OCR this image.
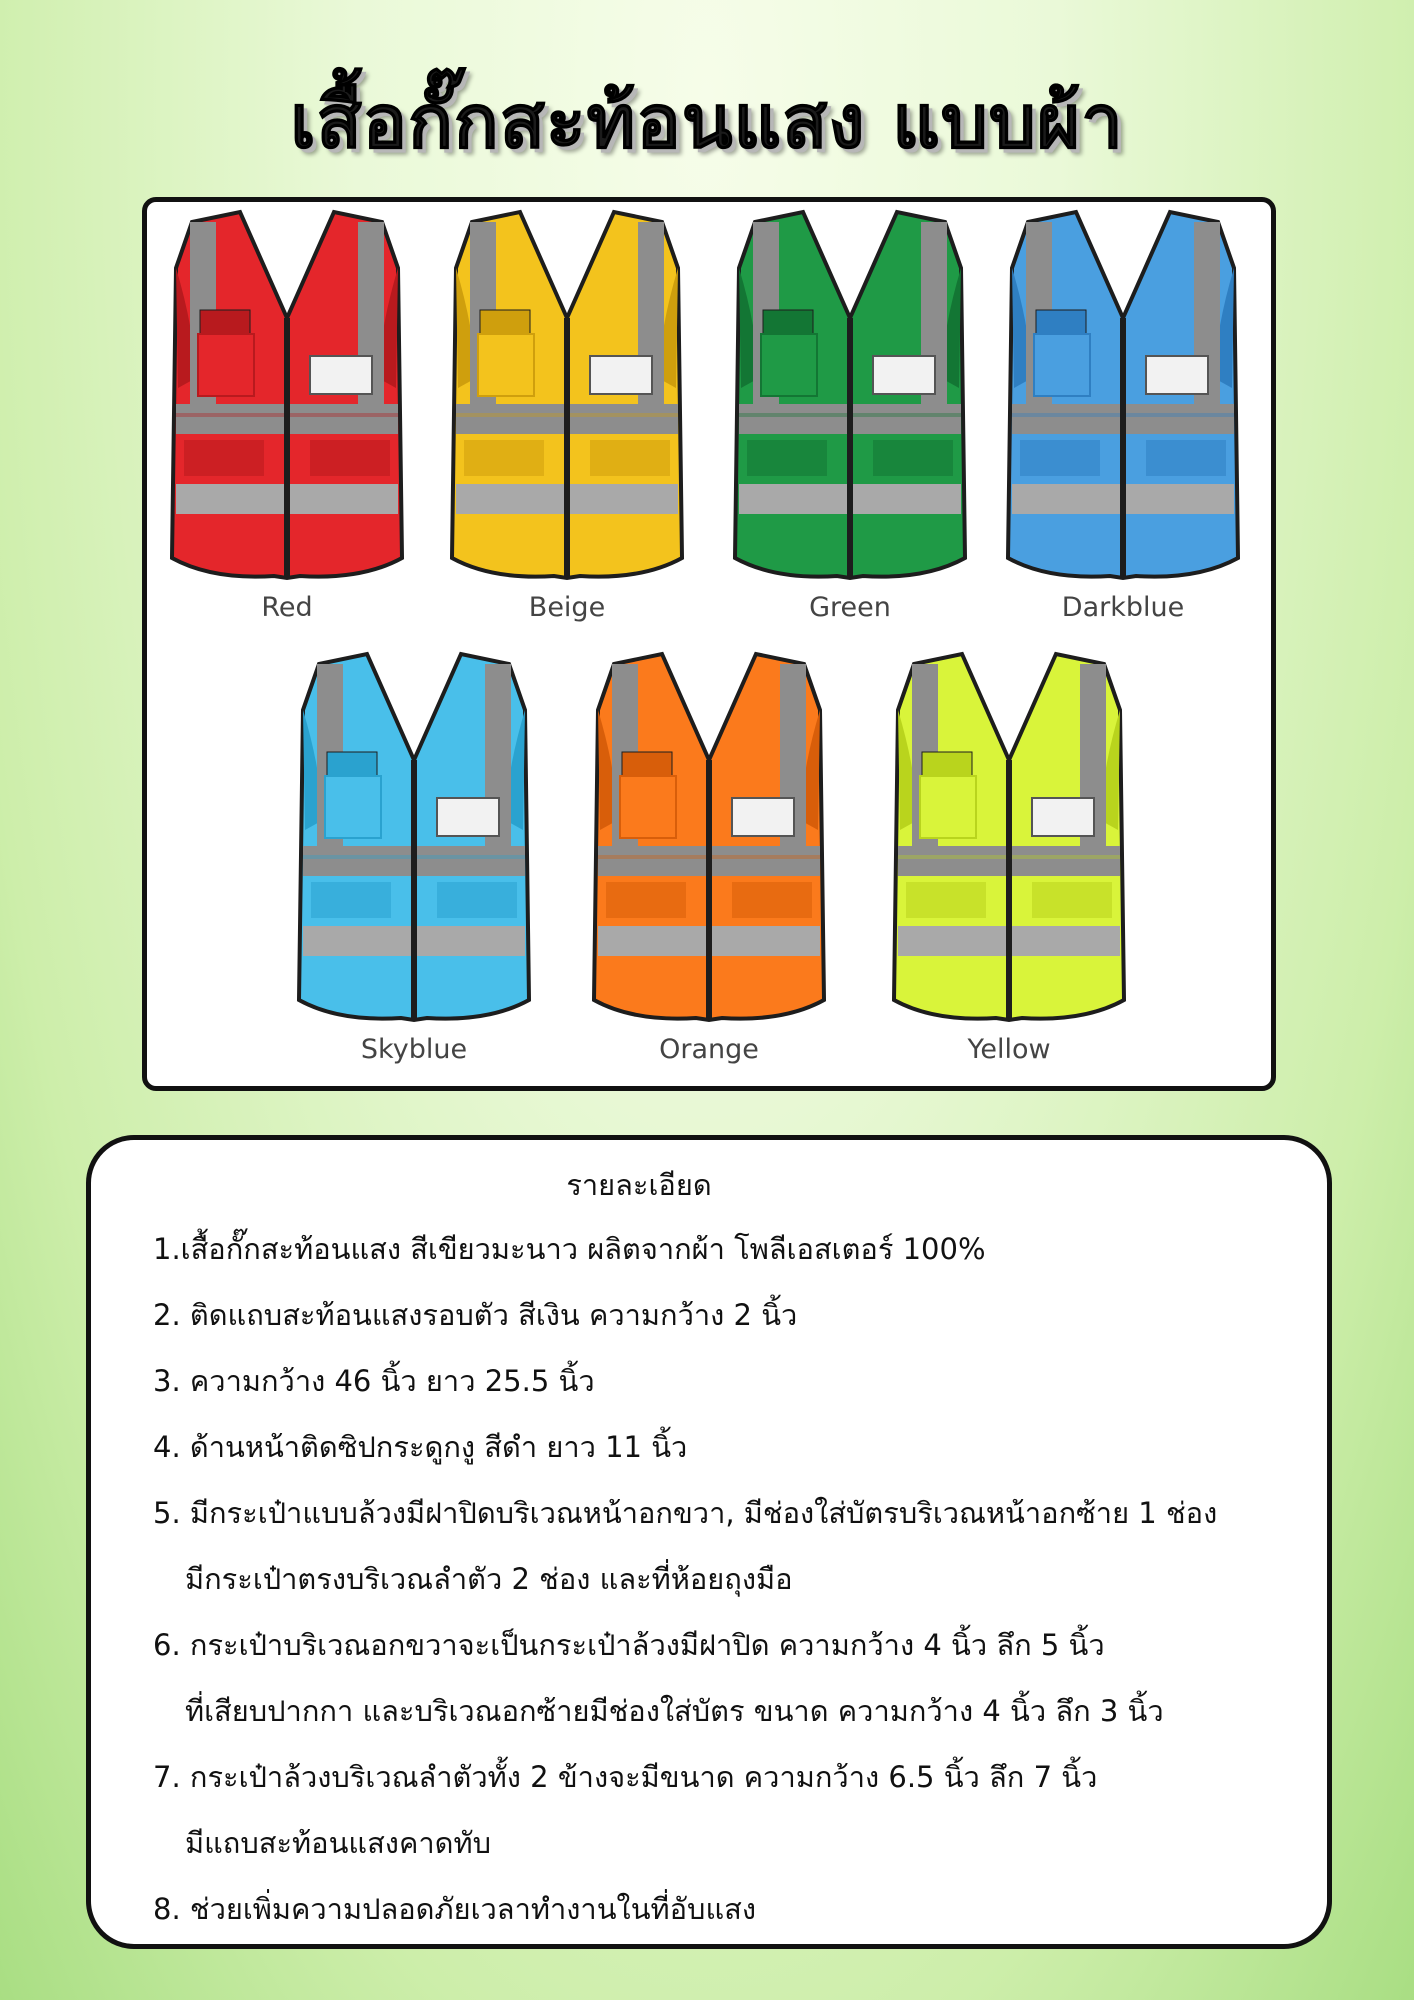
เสื้อกั๊กสะท้อนแสง แบบผ้า
Red	Beige	Green	Darkblue
Skyblue	Orange	Yellow
รายละเอียด
1.เสื้อกั๊กสะท้อนแสง สีเขียวมะนาว ผลิตจากผ้า โพลีเอสเตอร์ 100%
2. ติดแถบสะท้อนแสงรอบตัว สีเงิน ความกว้าง 2 นิ้ว
3. ความกว้าง 46 นิ้ว ยาว 25.5 นิ้ว
4. ด้านหน้าติดซิปกระดูกงู สีดำ ยาว 11 นิ้ว
5. มีกระเป๋าแบบล้วงมีฝาปิดบริเวณหน้าอกขวา, มีช่องใส่บัตรบริเวณหน้าอกซ้าย 1 ช่อง
มีกระเป๋าตรงบริเวณลำตัว 2 ช่อง และที่ห้อยถุงมือ
6. กระเป๋าบริเวณอกขวาจะเป็นกระเป๋าล้วงมีฝาปิด ความกว้าง 4 นิ้ว ลึก 5 นิ้ว
ที่เสียบปากกา และบริเวณอกซ้ายมีช่องใส่บัตร ขนาด ความกว้าง 4 นิ้ว ลึก 3 นิ้ว
7. กระเป๋าล้วงบริเวณลำตัวทั้ง 2 ข้างจะมีขนาด ความกว้าง 6.5 นิ้ว ลึก 7 นิ้ว
มีแถบสะท้อนแสงคาดทับ
8. ช่วยเพิ่มความปลอดภัยเวลาทำงานในที่อับแสง
